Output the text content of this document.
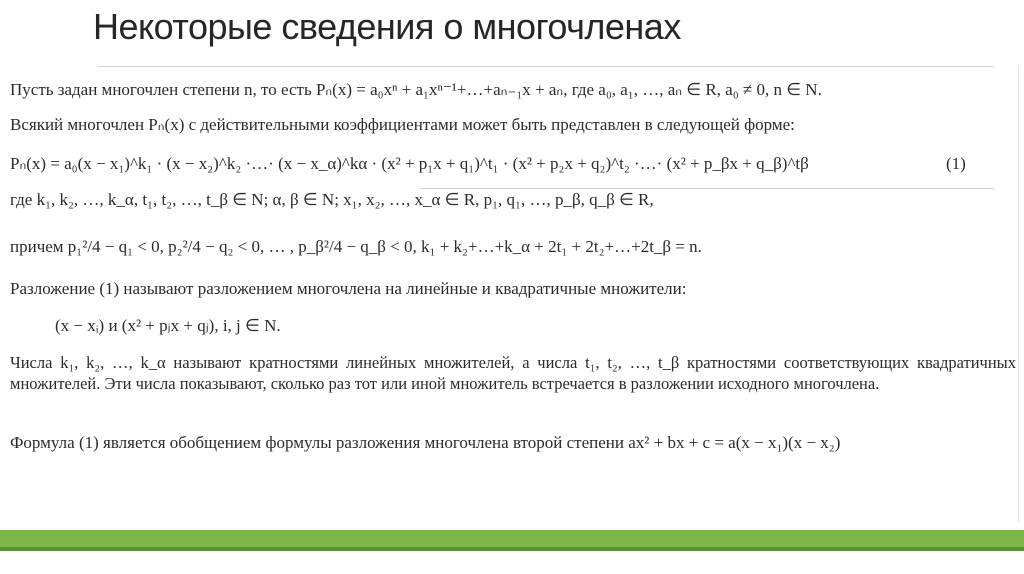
Некоторые сведения о многочленах
Пусть задан многочлен степени n, то есть Pₙ(x) = a₀xⁿ + a₁xⁿ⁻¹+…+aₙ₋₁x + aₙ, где a₀, a₁, …, aₙ ∈ R, a₀ ≠ 0, n ∈ N.
Всякий многочлен Pₙ(x) с действительными коэффициентами может быть представлен в следующей форме:
Pₙ(x) = a₀(x − x₁)^k₁ · (x − x₂)^k₂ ·…· (x − x_α)^kα · (x² + p₁x + q₁)^t₁ · (x² + p₂x + q₂)^t₂ ·…· (x² + p_βx + q_β)^tβ	(1)
где k₁, k₂, …, k_α, t₁, t₂, …, t_β ∈ N; α, β ∈ N; x₁, x₂, …, x_α ∈ R, p₁, q₁, …, p_β, q_β ∈ R,
причем p₁²/4 − q₁ < 0, p₂²/4 − q₂ < 0, … , p_β²/4 − q_β < 0, k₁ + k₂+…+k_α + 2t₁ + 2t₂+…+2t_β = n.
Разложение (1) называют разложением многочлена на линейные и квадратичные множители:
(x − xᵢ) и (x² + pⱼx + qⱼ), i, j ∈ N.
Числа k₁, k₂, …, k_α называют кратностями линейных множителей, а числа t₁, t₂, …, t_β кратностями соответствующих квадратичных множителей. Эти числа показывают, сколько раз тот или иной множитель встречается в разложении исходного многочлена.
Формула (1) является обобщением формулы разложения многочлена второй степени ax² + bx + c = a(x − x₁)(x − x₂)
